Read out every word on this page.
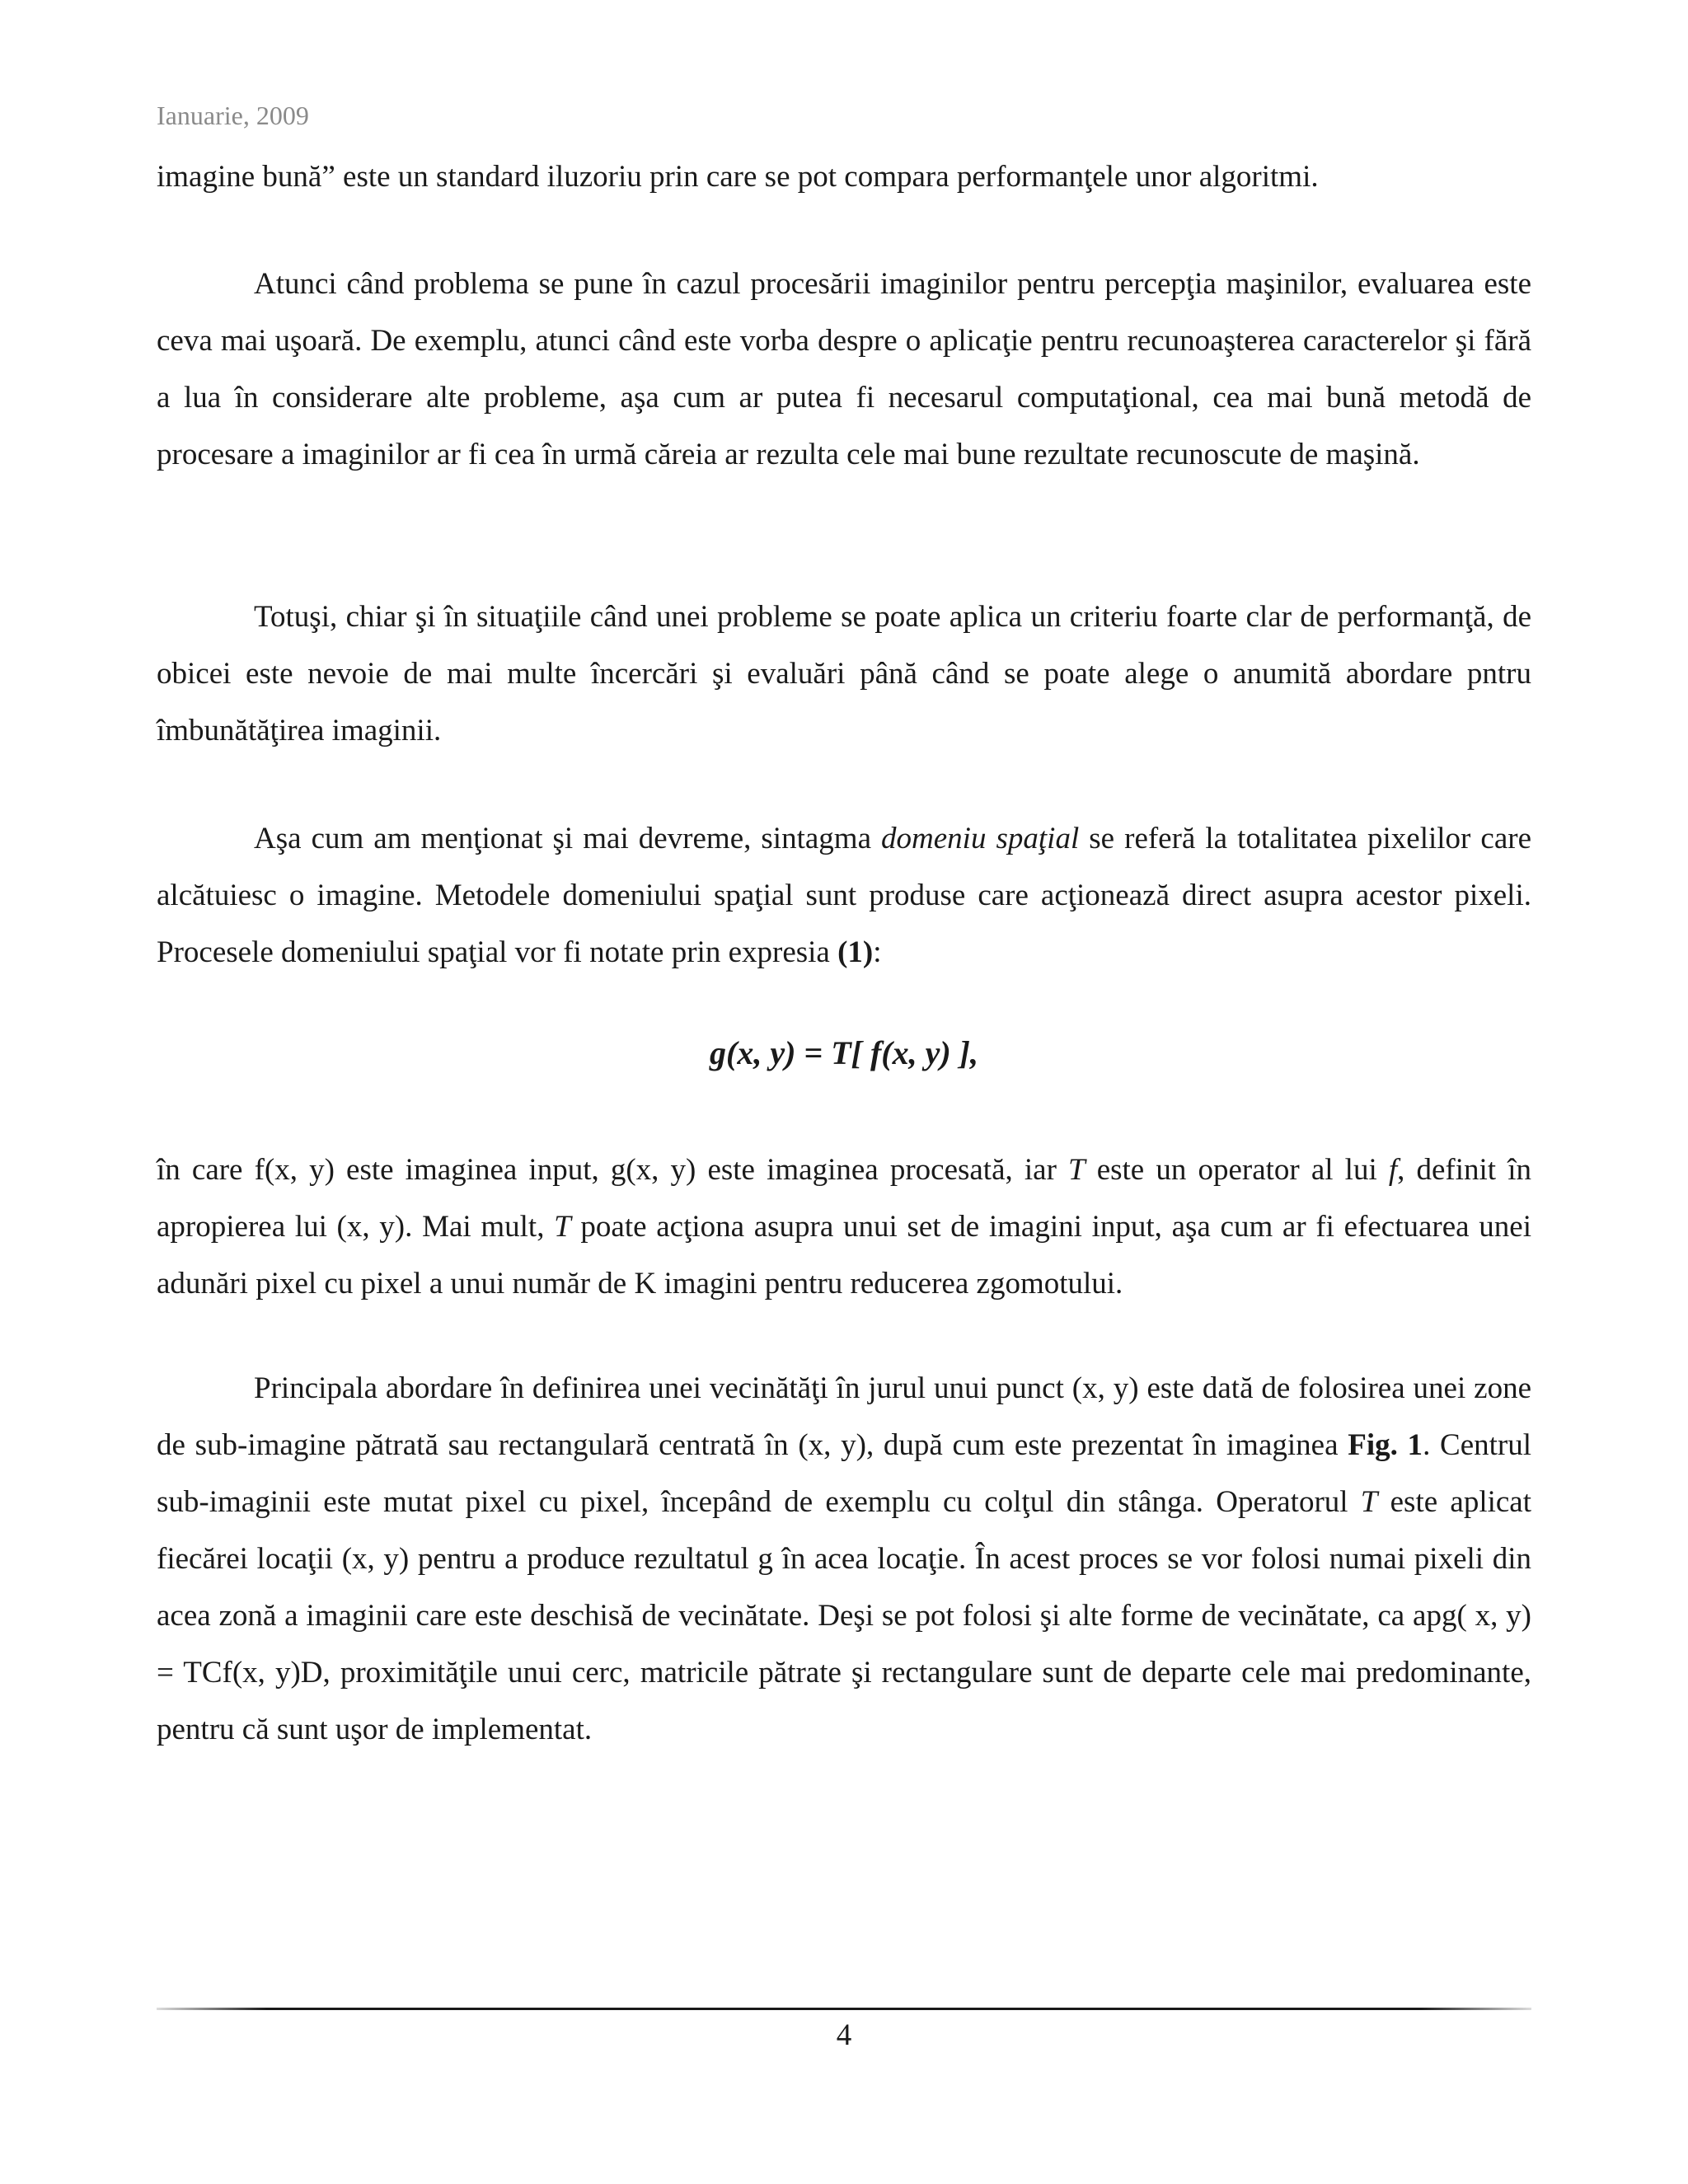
Ianuarie, 2009

imagine bună” este un standard iluzoriu prin care se pot compara performanţele unor algoritmi.

Atunci când problema se pune în cazul procesării imaginilor pentru percepţia maşinilor, evaluarea este ceva mai uşoară. De exemplu, atunci când este vorba despre o aplicaţie pentru recunoaşterea caracterelor şi fără a lua în considerare alte probleme, aşa cum ar putea fi necesarul computaţional, cea mai bună metodă de procesare a imaginilor ar fi cea în urmă căreia ar rezulta cele mai bune rezultate recunoscute de maşină.

Totuşi, chiar şi în situaţiile când unei probleme se poate aplica un criteriu foarte clar de performanţă, de obicei este nevoie de mai multe încercări şi evaluări până când se poate alege o anumită abordare pntru îmbunătăţirea imaginii.

Aşa cum am menţionat şi mai devreme, sintagma domeniu spaţial se referă la totalitatea pixelilor care alcătuiesc o imagine. Metodele domeniului spaţial sunt produse care acţionează direct asupra acestor pixeli. Procesele domeniului spaţial vor fi notate prin expresia (1):

g(x, y) = T[ f(x, y) ],

în care f(x, y) este imaginea input, g(x, y) este imaginea procesată, iar T este un operator al lui f, definit în apropierea lui (x, y). Mai mult, T poate acţiona asupra unui set de imagini input, aşa cum ar fi efectuarea unei adunări pixel cu pixel a unui număr de K imagini pentru reducerea zgomotului.

Principala abordare în definirea unei vecinătăţi în jurul unui punct (x, y) este dată de folosirea unei zone de sub-imagine pătrată sau rectangulară centrată în (x, y), după cum este prezentat în imaginea Fig. 1. Centrul sub-imaginii este mutat pixel cu pixel, începând de exemplu cu colţul din stânga. Operatorul T este aplicat fiecărei locaţii (x, y) pentru a produce rezultatul g în acea locaţie. În acest proces se vor folosi numai pixeli din acea zonă a imaginii care este deschisă de vecinătate. Deşi se pot folosi şi alte forme de vecinătate, ca apg( x, y) = TCf(x, y)D, proximităţile unui cerc, matricile pătrate şi rectangulare sunt de departe cele mai predominante, pentru că sunt uşor de implementat.

4
